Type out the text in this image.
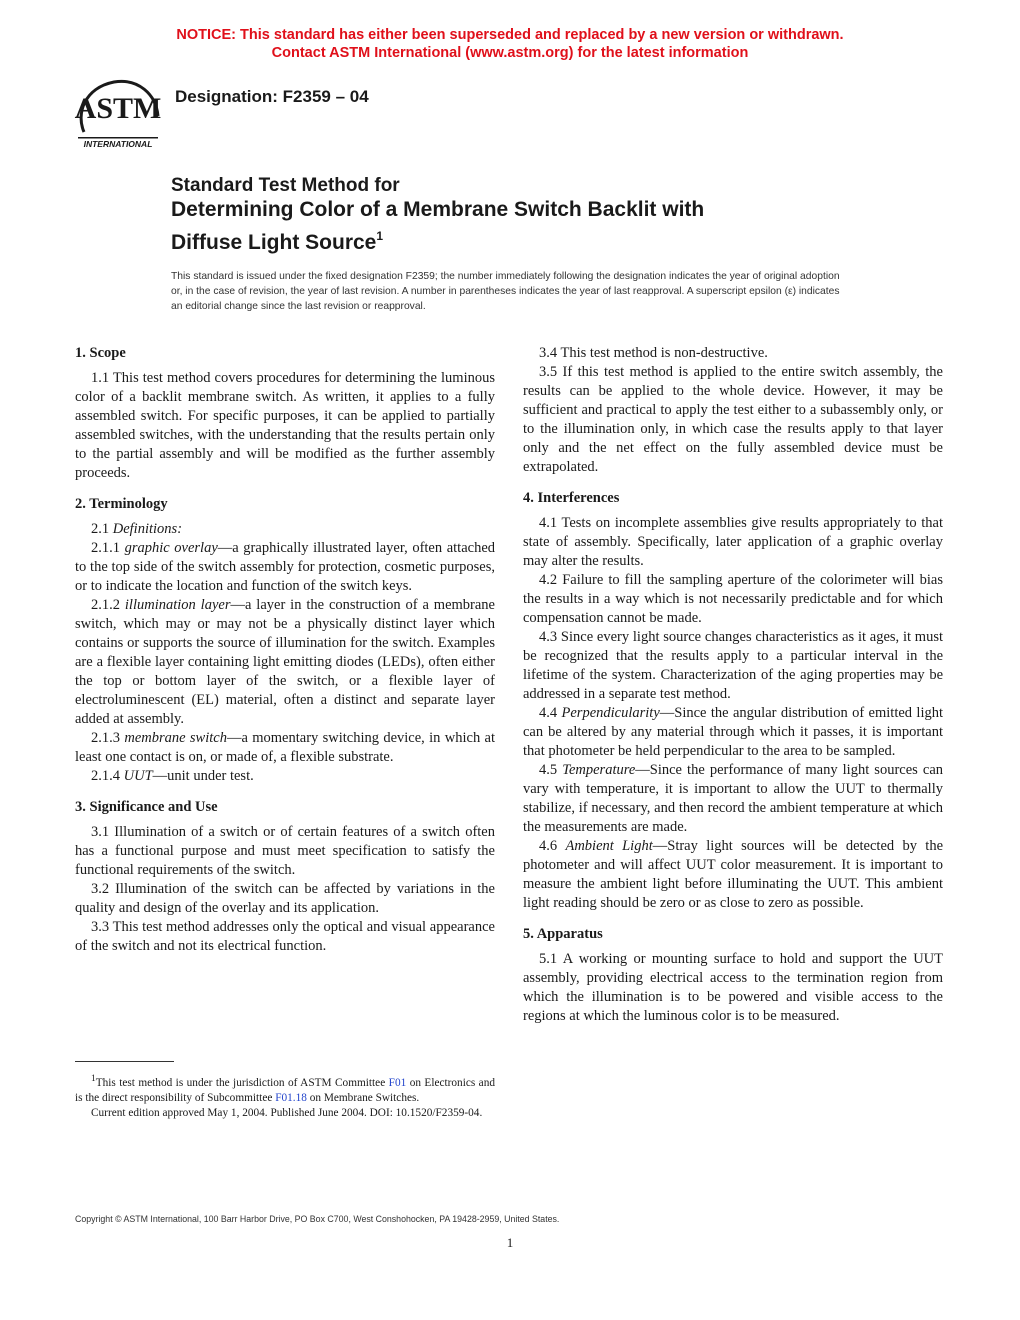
NOTICE: This standard has either been superseded and replaced by a new version or withdrawn.
Contact ASTM International (www.astm.org) for the latest information
ASTM
INTERNATIONAL
Designation: F2359 – 04
Standard Test Method for
Determining Color of a Membrane Switch Backlit with
Diffuse Light Source$^1$
This standard is issued under the fixed designation F2359; the number immediately following the designation indicates the year of original adoption or, in the case of revision, the year of last revision. A number in parentheses indicates the year of last reapproval. A superscript epsilon (ε) indicates an editorial change since the last revision or reapproval.
1. Scope

1.1 This test method covers procedures for determining the luminous color of a backlit membrane switch. As written, it applies to a fully assembled switch. For specific purposes, it can be applied to partially assembled switches, with the understanding that the results pertain only to the partial assembly and will be modified as the further assembly proceeds.

2. Terminology

2.1 Definitions:

2.1.1 graphic overlay—a graphically illustrated layer, often attached to the top side of the switch assembly for protection, cosmetic purposes, or to indicate the location and function of the switch keys.

2.1.2 illumination layer—a layer in the construction of a membrane switch, which may or may not be a physically distinct layer which contains or supports the source of illumination for the switch. Examples are a flexible layer containing light emitting diodes (LEDs), often either the top or bottom layer of the switch, or a flexible layer of electroluminescent (EL) material, often a distinct and separate layer added at assembly.

2.1.3 membrane switch—a momentary switching device, in which at least one contact is on, or made of, a flexible substrate.

2.1.4 UUT—unit under test.

3. Significance and Use

3.1 Illumination of a switch or of certain features of a switch often has a functional purpose and must meet specification to satisfy the functional requirements of the switch.

3.2 Illumination of the switch can be affected by variations in the quality and design of the overlay and its application.

3.3 This test method addresses only the optical and visual appearance of the switch and not its electrical function.

3.4 This test method is non-destructive.

3.5 If this test method is applied to the entire switch assembly, the results can be applied to the whole device. However, it may be sufficient and practical to apply the test either to a subassembly only, or to the illumination only, in which case the results apply to that layer only and the net effect on the fully assembled device must be extrapolated.

4. Interferences

4.1 Tests on incomplete assemblies give results appropriately to that state of assembly. Specifically, later application of a graphic overlay may alter the results.

4.2 Failure to fill the sampling aperture of the colorimeter will bias the results in a way which is not necessarily predictable and for which compensation cannot be made.

4.3 Since every light source changes characteristics as it ages, it must be recognized that the results apply to a particular interval in the lifetime of the system. Characterization of the aging properties may be addressed in a separate test method.

4.4 Perpendicularity—Since the angular distribution of emitted light can be altered by any material through which it passes, it is important that photometer be held perpendicular to the area to be sampled.

4.5 Temperature—Since the performance of many light sources can vary with temperature, it is important to allow the UUT to thermally stabilize, if necessary, and then record the ambient temperature at which the measurements are made.

4.6 Ambient Light—Stray light sources will be detected by the photometer and will affect UUT color measurement. It is important to measure the ambient light before illuminating the UUT. This ambient light reading should be zero or as close to zero as possible.

5. Apparatus

5.1 A working or mounting surface to hold and support the UUT assembly, providing electrical access to the termination region from which the illumination is to be powered and visible access to the regions at which the luminous color is to be measured.

$^1$This test method is under the jurisdiction of ASTM Committee F01 on Electronics and is the direct responsibility of Subcommittee F01.18 on Membrane Switches.

Current edition approved May 1, 2004. Published June 2004. DOI: 10.1520/F2359-04.

Copyright © ASTM International, 100 Barr Harbor Drive, PO Box C700, West Conshohocken, PA 19428-2959, United States.
1
